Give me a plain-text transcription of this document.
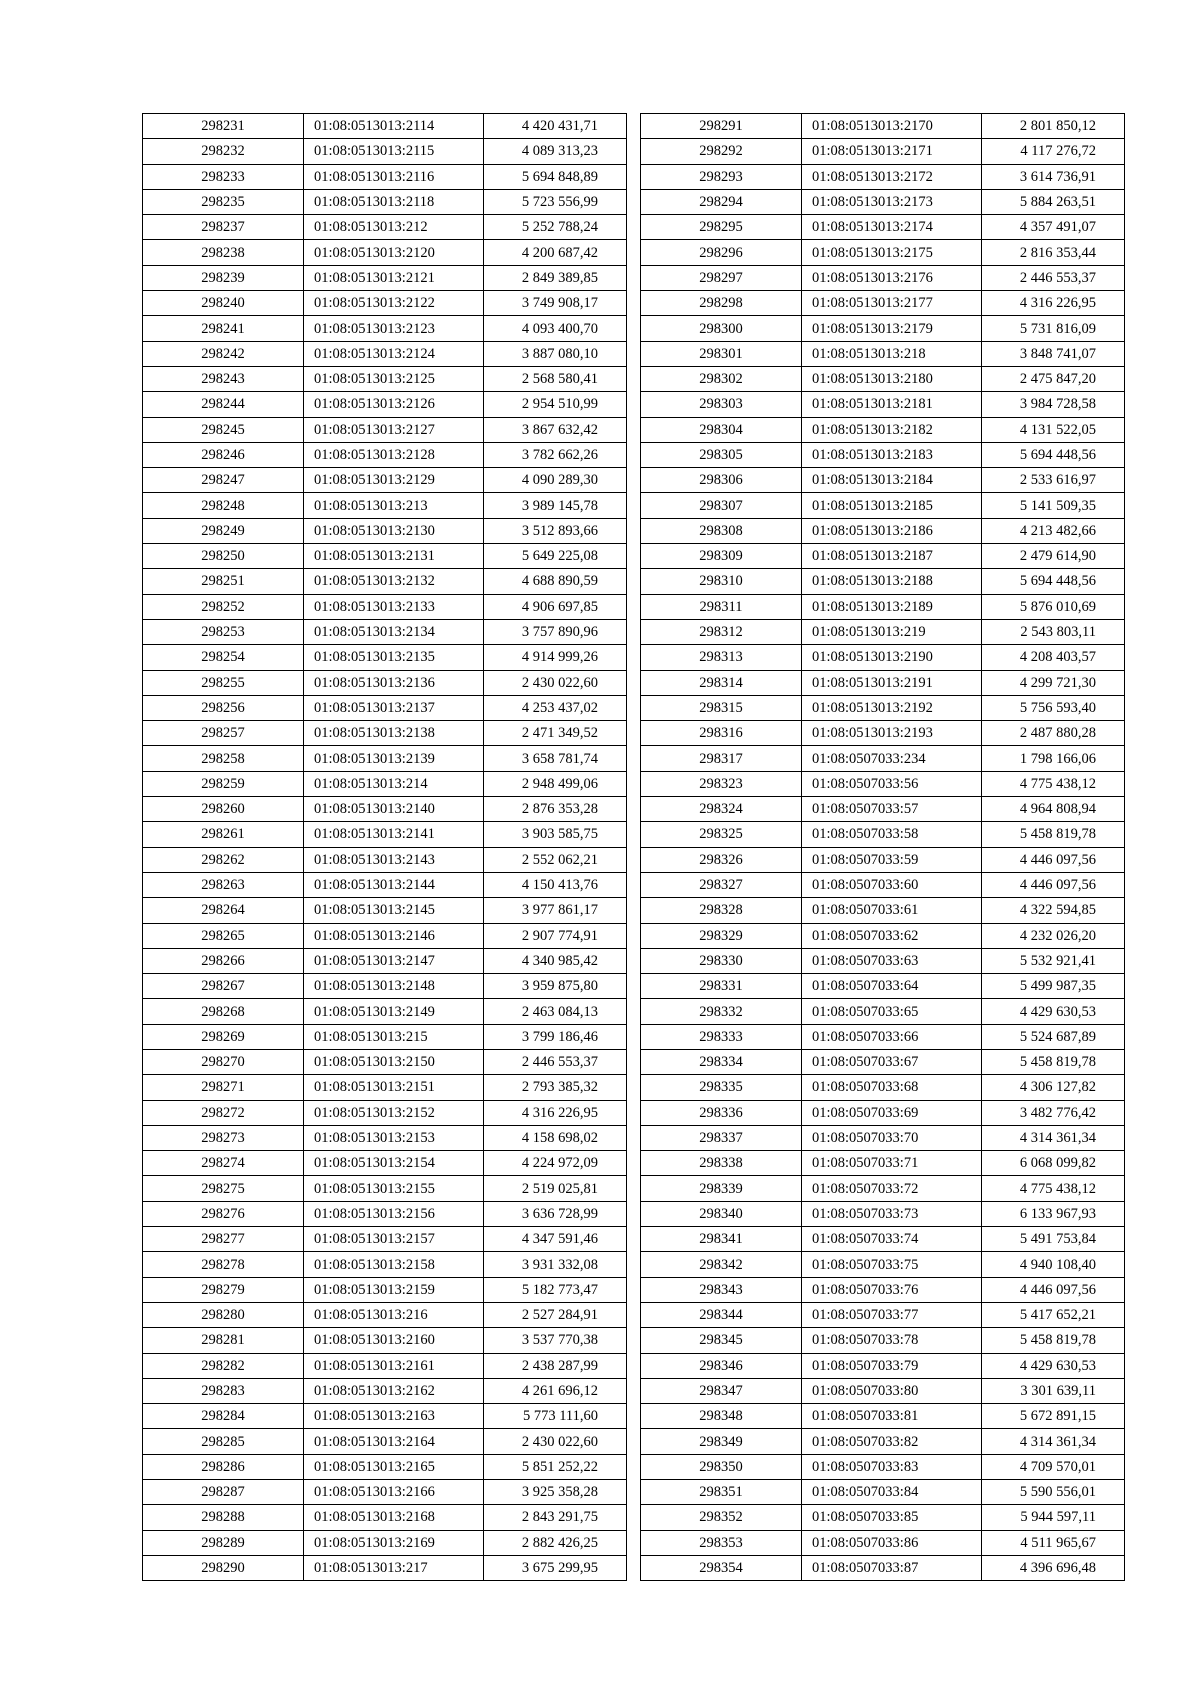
298231	01:08:0513013:2114	4 420 431,71
298232	01:08:0513013:2115	4 089 313,23
298233	01:08:0513013:2116	5 694 848,89
298235	01:08:0513013:2118	5 723 556,99
298237	01:08:0513013:212	5 252 788,24
298238	01:08:0513013:2120	4 200 687,42
298239	01:08:0513013:2121	2 849 389,85
298240	01:08:0513013:2122	3 749 908,17
298241	01:08:0513013:2123	4 093 400,70
298242	01:08:0513013:2124	3 887 080,10
298243	01:08:0513013:2125	2 568 580,41
298244	01:08:0513013:2126	2 954 510,99
298245	01:08:0513013:2127	3 867 632,42
298246	01:08:0513013:2128	3 782 662,26
298247	01:08:0513013:2129	4 090 289,30
298248	01:08:0513013:213	3 989 145,78
298249	01:08:0513013:2130	3 512 893,66
298250	01:08:0513013:2131	5 649 225,08
298251	01:08:0513013:2132	4 688 890,59
298252	01:08:0513013:2133	4 906 697,85
298253	01:08:0513013:2134	3 757 890,96
298254	01:08:0513013:2135	4 914 999,26
298255	01:08:0513013:2136	2 430 022,60
298256	01:08:0513013:2137	4 253 437,02
298257	01:08:0513013:2138	2 471 349,52
298258	01:08:0513013:2139	3 658 781,74
298259	01:08:0513013:214	2 948 499,06
298260	01:08:0513013:2140	2 876 353,28
298261	01:08:0513013:2141	3 903 585,75
298262	01:08:0513013:2143	2 552 062,21
298263	01:08:0513013:2144	4 150 413,76
298264	01:08:0513013:2145	3 977 861,17
298265	01:08:0513013:2146	2 907 774,91
298266	01:08:0513013:2147	4 340 985,42
298267	01:08:0513013:2148	3 959 875,80
298268	01:08:0513013:2149	2 463 084,13
298269	01:08:0513013:215	3 799 186,46
298270	01:08:0513013:2150	2 446 553,37
298271	01:08:0513013:2151	2 793 385,32
298272	01:08:0513013:2152	4 316 226,95
298273	01:08:0513013:2153	4 158 698,02
298274	01:08:0513013:2154	4 224 972,09
298275	01:08:0513013:2155	2 519 025,81
298276	01:08:0513013:2156	3 636 728,99
298277	01:08:0513013:2157	4 347 591,46
298278	01:08:0513013:2158	3 931 332,08
298279	01:08:0513013:2159	5 182 773,47
298280	01:08:0513013:216	2 527 284,91
298281	01:08:0513013:2160	3 537 770,38
298282	01:08:0513013:2161	2 438 287,99
298283	01:08:0513013:2162	4 261 696,12
298284	01:08:0513013:2163	5 773 111,60
298285	01:08:0513013:2164	2 430 022,60
298286	01:08:0513013:2165	5 851 252,22
298287	01:08:0513013:2166	3 925 358,28
298288	01:08:0513013:2168	2 843 291,75
298289	01:08:0513013:2169	2 882 426,25
298290	01:08:0513013:217	3 675 299,95
298291	01:08:0513013:2170	2 801 850,12
298292	01:08:0513013:2171	4 117 276,72
298293	01:08:0513013:2172	3 614 736,91
298294	01:08:0513013:2173	5 884 263,51
298295	01:08:0513013:2174	4 357 491,07
298296	01:08:0513013:2175	2 816 353,44
298297	01:08:0513013:2176	2 446 553,37
298298	01:08:0513013:2177	4 316 226,95
298300	01:08:0513013:2179	5 731 816,09
298301	01:08:0513013:218	3 848 741,07
298302	01:08:0513013:2180	2 475 847,20
298303	01:08:0513013:2181	3 984 728,58
298304	01:08:0513013:2182	4 131 522,05
298305	01:08:0513013:2183	5 694 448,56
298306	01:08:0513013:2184	2 533 616,97
298307	01:08:0513013:2185	5 141 509,35
298308	01:08:0513013:2186	4 213 482,66
298309	01:08:0513013:2187	2 479 614,90
298310	01:08:0513013:2188	5 694 448,56
298311	01:08:0513013:2189	5 876 010,69
298312	01:08:0513013:219	2 543 803,11
298313	01:08:0513013:2190	4 208 403,57
298314	01:08:0513013:2191	4 299 721,30
298315	01:08:0513013:2192	5 756 593,40
298316	01:08:0513013:2193	2 487 880,28
298317	01:08:0507033:234	1 798 166,06
298323	01:08:0507033:56	4 775 438,12
298324	01:08:0507033:57	4 964 808,94
298325	01:08:0507033:58	5 458 819,78
298326	01:08:0507033:59	4 446 097,56
298327	01:08:0507033:60	4 446 097,56
298328	01:08:0507033:61	4 322 594,85
298329	01:08:0507033:62	4 232 026,20
298330	01:08:0507033:63	5 532 921,41
298331	01:08:0507033:64	5 499 987,35
298332	01:08:0507033:65	4 429 630,53
298333	01:08:0507033:66	5 524 687,89
298334	01:08:0507033:67	5 458 819,78
298335	01:08:0507033:68	4 306 127,82
298336	01:08:0507033:69	3 482 776,42
298337	01:08:0507033:70	4 314 361,34
298338	01:08:0507033:71	6 068 099,82
298339	01:08:0507033:72	4 775 438,12
298340	01:08:0507033:73	6 133 967,93
298341	01:08:0507033:74	5 491 753,84
298342	01:08:0507033:75	4 940 108,40
298343	01:08:0507033:76	4 446 097,56
298344	01:08:0507033:77	5 417 652,21
298345	01:08:0507033:78	5 458 819,78
298346	01:08:0507033:79	4 429 630,53
298347	01:08:0507033:80	3 301 639,11
298348	01:08:0507033:81	5 672 891,15
298349	01:08:0507033:82	4 314 361,34
298350	01:08:0507033:83	4 709 570,01
298351	01:08:0507033:84	5 590 556,01
298352	01:08:0507033:85	5 944 597,11
298353	01:08:0507033:86	4 511 965,67
298354	01:08:0507033:87	4 396 696,48
